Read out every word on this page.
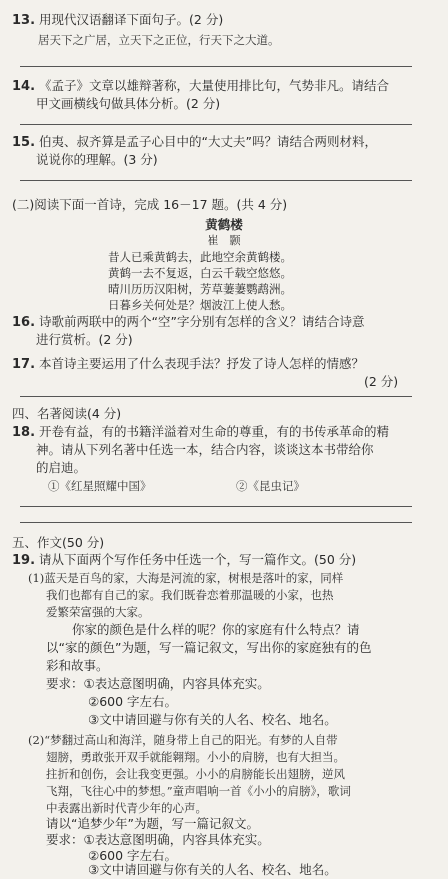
13. 用现代汉语翻译下面句子。(2 分)
居天下之广居，立天下之正位，行天下之大道。
14. 《孟子》文章以雄辩著称，大量使用排比句，气势非凡。请结合
甲文画横线句做具体分析。(2 分)
15. 伯夷、叔齐算是孟子心目中的“大丈夫”吗？请结合两则材料，
说说你的理解。(3 分)
(二)阅读下面一首诗，完成 16－17 题。(共 4 分)
黄鹤楼
崔　颢
昔人已乘黄鹤去，此地空余黄鹤楼。
黄鹤一去不复返，白云千载空悠悠。
晴川历历汉阳树，芳草萋萋鹦鹉洲。
日暮乡关何处是？烟波江上使人愁。
16. 诗歌前两联中的两个“空”字分别有怎样的含义？请结合诗意
进行赏析。(2 分)
17. 本首诗主要运用了什么表现手法？抒发了诗人怎样的情感？
(2 分)
四、名著阅读(4 分)
18. 开卷有益，有的书籍洋溢着对生命的尊重，有的书传承革命的精
神。请从下列名著中任选一本，结合内容，谈谈这本书带给你
的启迪。
①《红星照耀中国》	②《昆虫记》
五、作文(50 分)
19. 请从下面两个写作任务中任选一个，写一篇作文。(50 分)
(1)蓝天是百鸟的家，大海是河流的家，树根是落叶的家，同样
我们也都有自己的家。我们既眷恋着那温暖的小家，也热
爱繁荣富强的大家。
你家的颜色是什么样的呢？你的家庭有什么特点？请
以“家的颜色”为题，写一篇记叙文，写出你的家庭独有的色
彩和故事。
要求：①表达意图明确，内容具体充实。
②600 字左右。
③文中请回避与你有关的人名、校名、地名。
(2)“梦翻过高山和海洋，随身带上自己的阳光。有梦的人自带
翅膀，勇敢张开双手就能翱翔。小小的肩膀，也有大担当。
拄折和创伤，会让我变更强。小小的肩膀能长出翅膀，逆风
飞翔，飞往心中的梦想。”童声唱响一首《小小的肩膀》，歌词
中表露出新时代青少年的心声。
请以“追梦少年”为题，写一篇记叙文。
要求：①表达意图明确，内容具体充实。
②600 字左右。
③文中请回避与你有关的人名、校名、地名。
